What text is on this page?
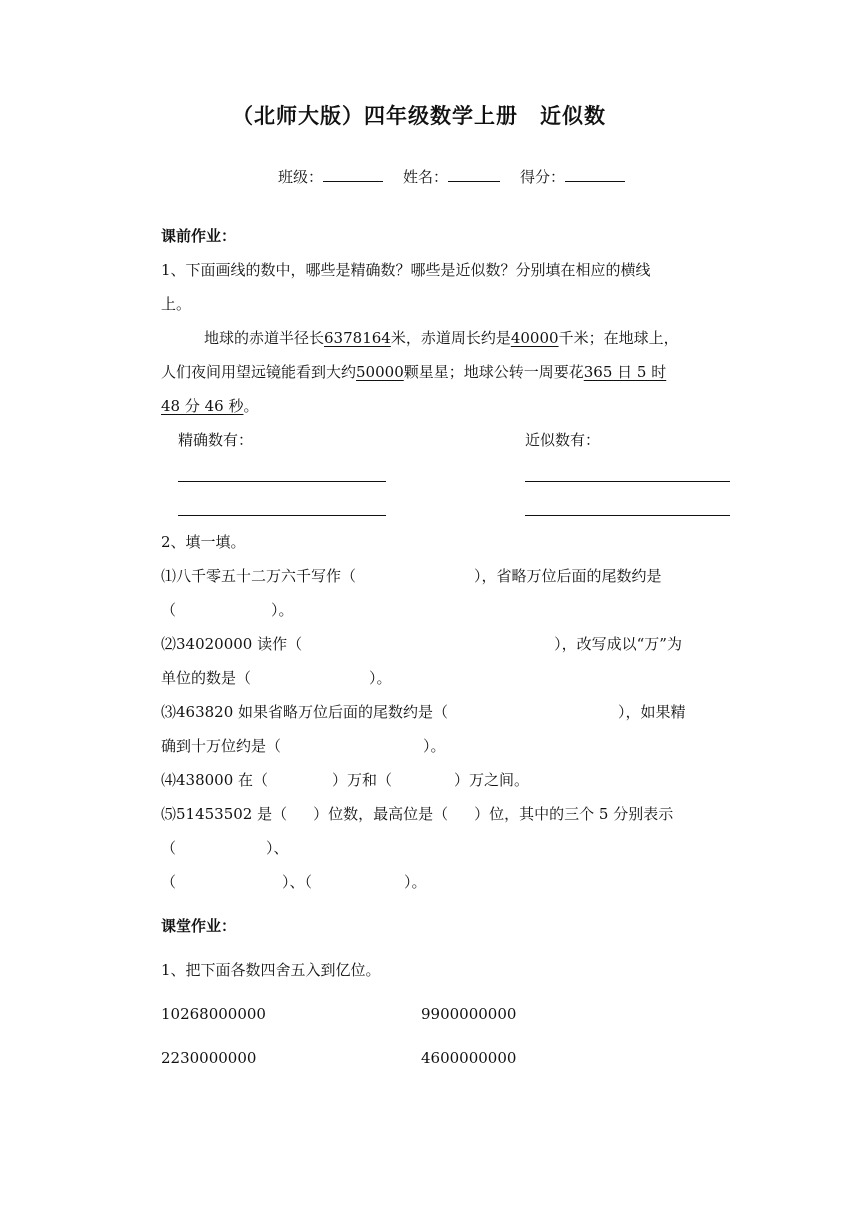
（北师大版）四年级数学上册　近似数
班级：	姓名：	得分：
课前作业：
1、下面画线的数中，哪些是精确数？哪些是近似数？分别填在相应的横线
上。
地球的赤道半径长6378164米，赤道周长约是40000千米；在地球上，
人们夜间用望远镜能看到大约50000颗星星；地球公转一周要花365 日 5 时
48 分 46 秒。
精确数有：	近似数有：
2、填一填。
⑴八千零五十二万六千写作（	），省略万位后面的尾数约是
（	）。
⑵34020000 读作（	），改写成以“万”为
单位的数是（	）。
⑶463820 如果省略万位后面的尾数约是（	），如果精
确到十万位约是（	）。
⑷438000 在（	）万和（	）万之间。
⑸51453502 是（ ）位数，最高位是（ ）位，其中的三个 5 分别表示
（	）、
（	）、（	）。
课堂作业：
1、把下面各数四舍五入到亿位。
10268000000	9900000000
2230000000	4600000000
